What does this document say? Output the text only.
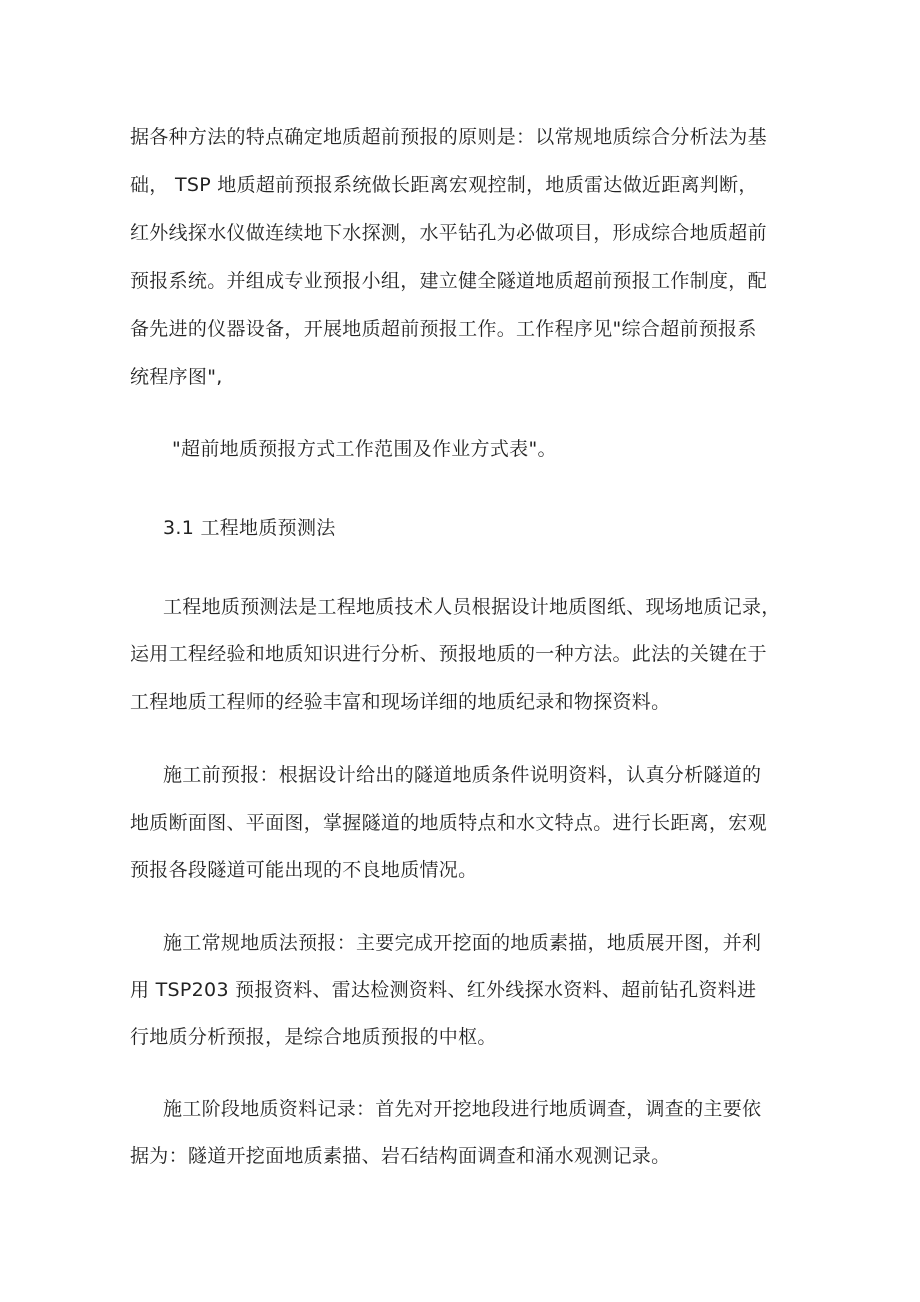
据各种方法的特点确定地质超前预报的原则是：以常规地质综合分析法为基
础， TSP 地质超前预报系统做长距离宏观控制，地质雷达做近距离判断，
红外线探水仪做连续地下水探测，水平钻孔为必做项目，形成综合地质超前
预报系统。并组成专业预报小组，建立健全隧道地质超前预报工作制度，配
备先进的仪器设备，开展地质超前预报工作。工作程序见"综合超前预报系
统程序图",
"超前地质预报方式工作范围及作业方式表"。
3.1 工程地质预测法
工程地质预测法是工程地质技术人员根据设计地质图纸、现场地质记录，
运用工程经验和地质知识进行分析、预报地质的一种方法。此法的关键在于
工程地质工程师的经验丰富和现场详细的地质纪录和物探资料。
施工前预报：根据设计给出的隧道地质条件说明资料，认真分析隧道的
地质断面图、平面图，掌握隧道的地质特点和水文特点。进行长距离，宏观
预报各段隧道可能出现的不良地质情况。
施工常规地质法预报：主要完成开挖面的地质素描，地质展开图，并利
用 TSP203 预报资料、雷达检测资料、红外线探水资料、超前钻孔资料进
行地质分析预报，是综合地质预报的中枢。
施工阶段地质资料记录：首先对开挖地段进行地质调查，调查的主要依
据为：隧道开挖面地质素描、岩石结构面调查和涌水观测记录。
